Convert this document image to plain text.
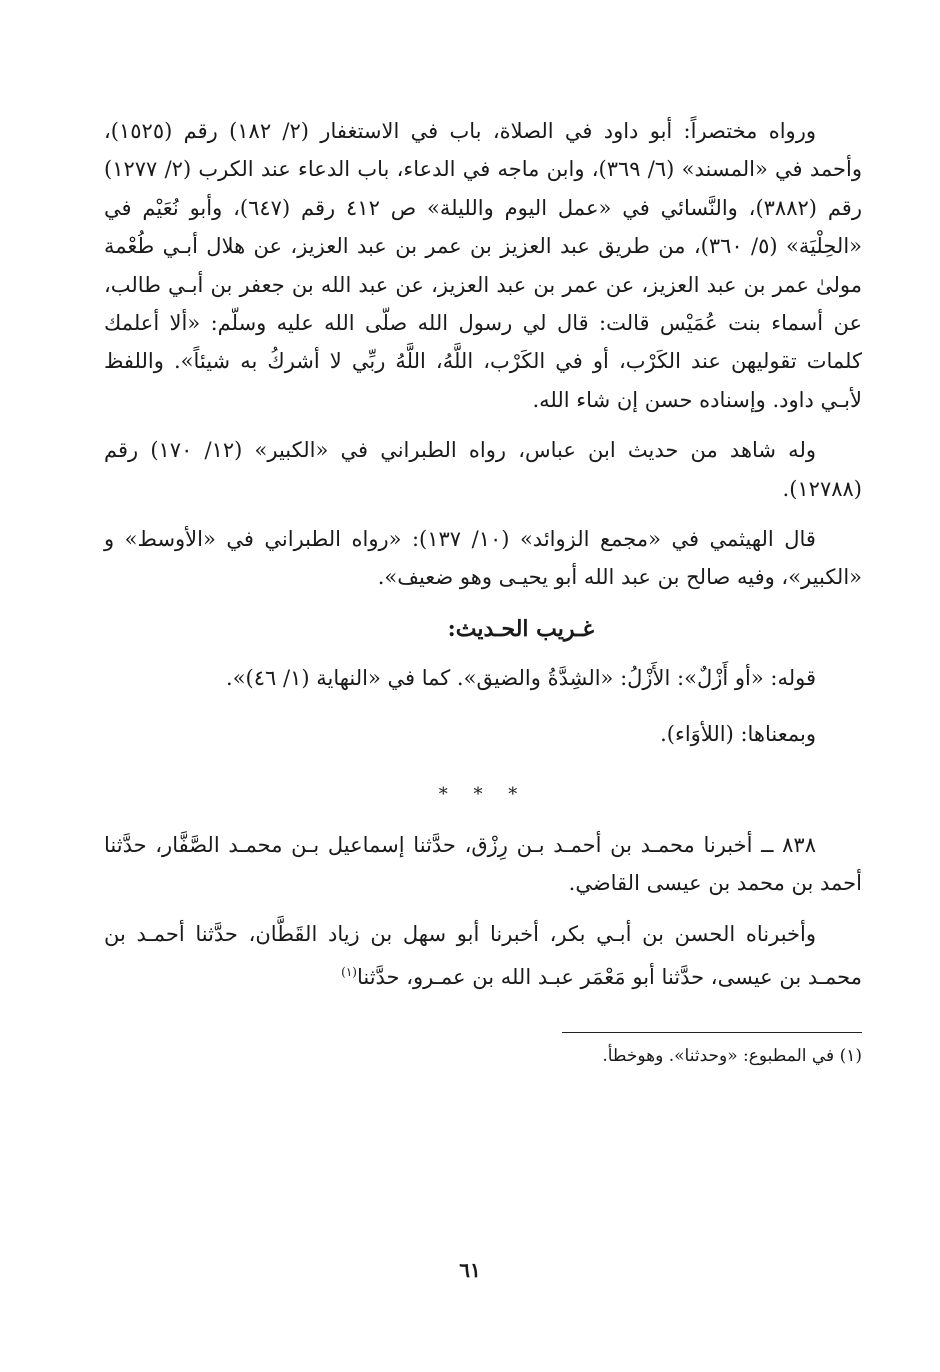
ورواه مختصراً: أبو داود في الصلاة، باب في الاستغفار (٢/ ١٨٢) رقم (١٥٢٥)، وأحمد في «المسند» (٦/ ٣٦٩)، وابن ماجه في الدعاء، باب الدعاء عند الكرب (٢/ ١٢٧٧) رقم (٣٨٨٢)، والنَّسائي في «عمل اليوم والليلة» ص ٤١٢ رقم (٦٤٧)، وأبو نُعَيْم في «الحِلْيَة» (٥/ ٣٦٠)، من طريق عبد العزيز بن عمر بن عبد العزيز، عن هلال أبـي طُعْمة مولىٰ عمر بن عبد العزيز، عن عمر بن عبد العزيز، عن عبد الله بن جعفر بن أبـي طالب، عن أسماء بنت عُمَيْس قالت: قال لي رسول الله صلّى الله عليه وسلّم: «ألا أعلمك كلمات تقوليهن عند الكَرْب، أو في الكَرْب، اللَّهُ، اللَّهُ ربِّي لا أشركُ به شيئاً». واللفظ لأبـي داود. وإسناده حسن إن شاء الله.

وله شاهد من حديث ابن عباس، رواه الطبراني في «الكبير» (١٢/ ١٧٠) رقم (١٢٧٨٨).

قال الهيثمي في «مجمع الزوائد» (١٠/ ١٣٧): «رواه الطبراني في «الأوسط» و «الكبير»، وفيه صالح بن عبد الله أبو يحيـى وهو ضعيف».

غـريب الحـديث:

قوله: «أو أَزْلٌ»: الأَزْلُ: «الشِدَّةُ والضيق». كما في «النهاية (١/ ٤٦)».

وبمعناها: (اللأوَاء).

* * *

٨٣٨ ــ أخبرنا محمـد بن أحمـد بـن رِزْق، حدَّثنا إسماعيل بـن محمـد الصَّفَّار، حدَّثنا أحمد بن محمد بن عيسى القاضي.

وأخبرناه الحسن بن أبـي بكر، أخبرنا أبو سهل بن زياد القَطَّان، حدَّثنا أحمـد بن محمـد بن عيسى، حدَّثنا أبو مَعْمَر عبـد الله بن عمـرو، حدَّثنا$^{(١)}$

(١) في المطبوع: «وحدثنا». وهوخطأ.

٦١
